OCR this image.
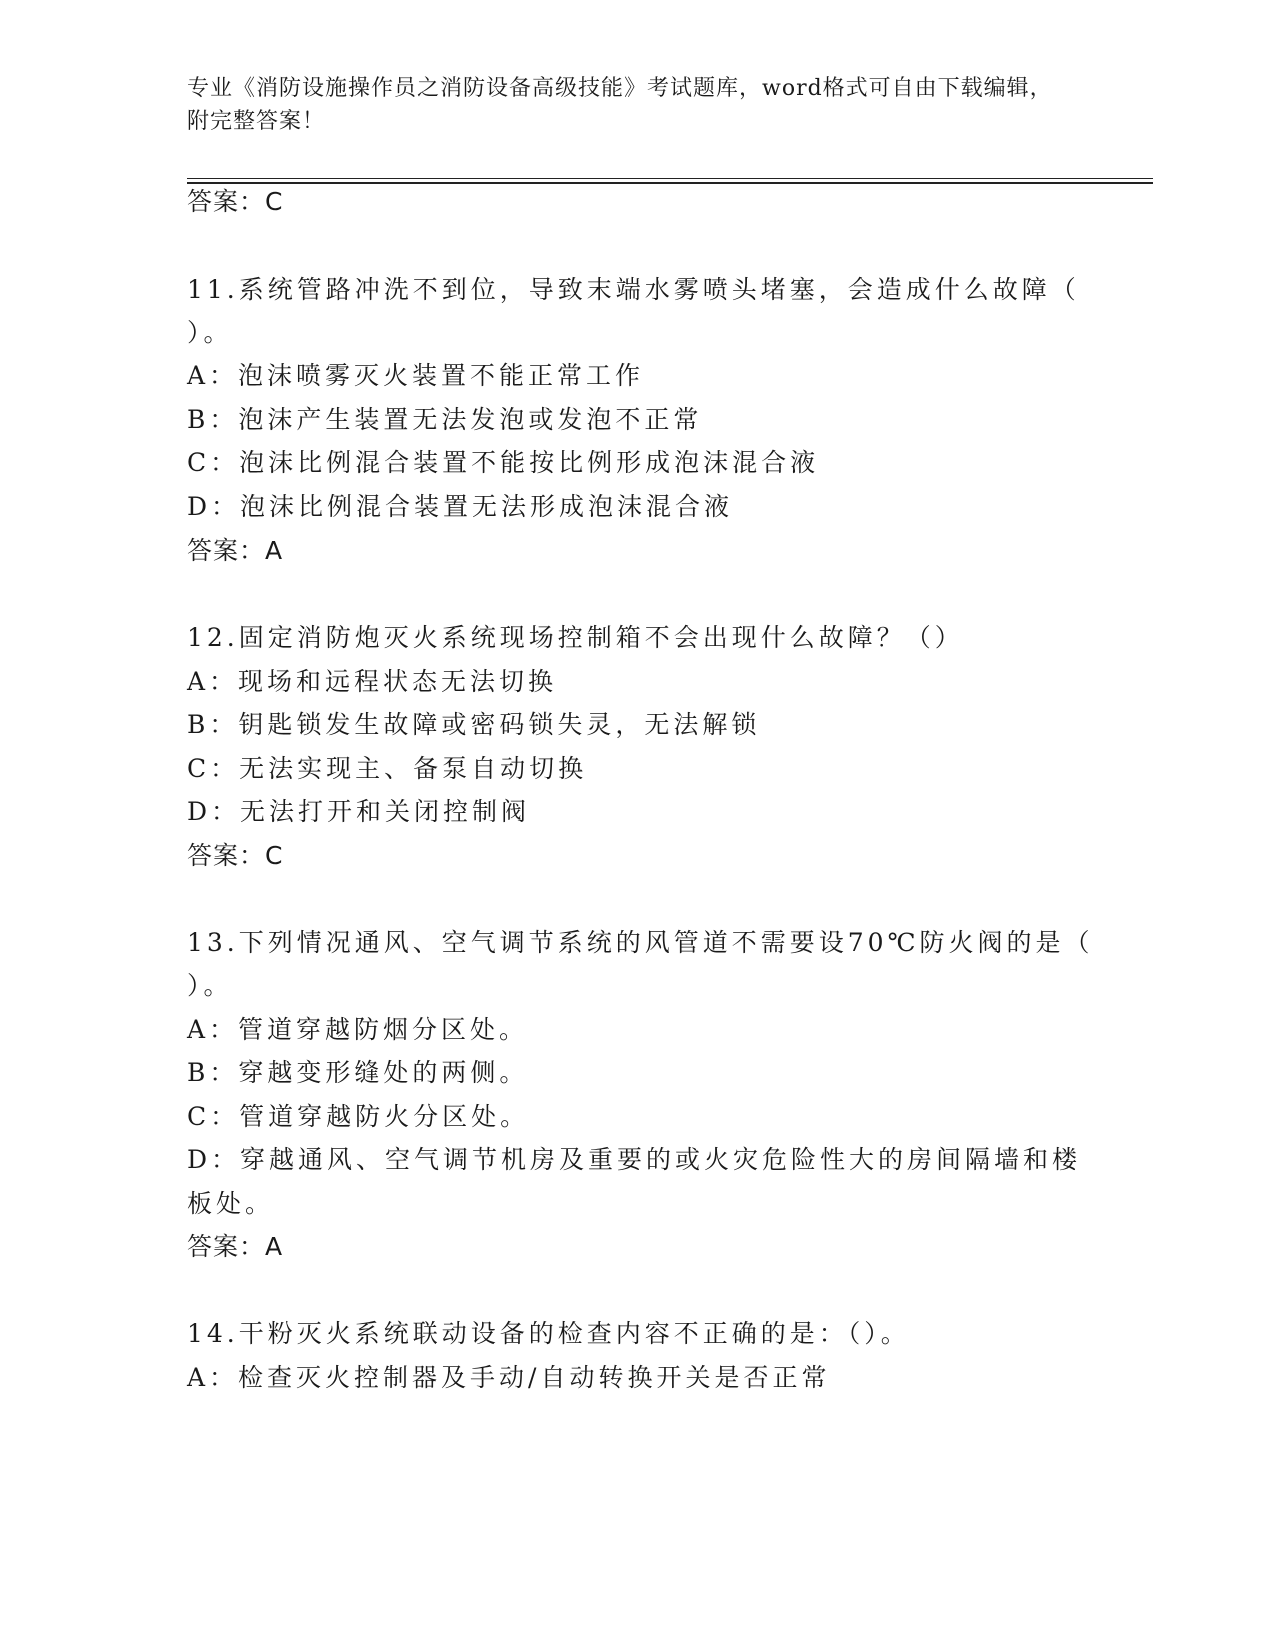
专业《消防设施操作员之消防设备高级技能》考试题库，word格式可自由下载编辑，附完整答案！
答案：C
11.系统管路冲洗不到位，导致末端水雾喷头堵塞，会造成什么故障（
）。
A：泡沫喷雾灭火装置不能正常工作
B：泡沫产生装置无法发泡或发泡不正常
C：泡沫比例混合装置不能按比例形成泡沫混合液
D：泡沫比例混合装置无法形成泡沫混合液
答案：A
12.固定消防炮灭火系统现场控制箱不会出现什么故障？（）
A：现场和远程状态无法切换
B：钥匙锁发生故障或密码锁失灵，无法解锁
C：无法实现主、备泵自动切换
D：无法打开和关闭控制阀
答案：C
13.下列情况通风、空气调节系统的风管道不需要设70℃防火阀的是（
）。
A：管道穿越防烟分区处。
B：穿越变形缝处的两侧。
C：管道穿越防火分区处。
D：穿越通风、空气调节机房及重要的或火灾危险性大的房间隔墙和楼
板处。
答案：A
14.干粉灭火系统联动设备的检查内容不正确的是：（）。
A：检查灭火控制器及手动/自动转换开关是否正常
